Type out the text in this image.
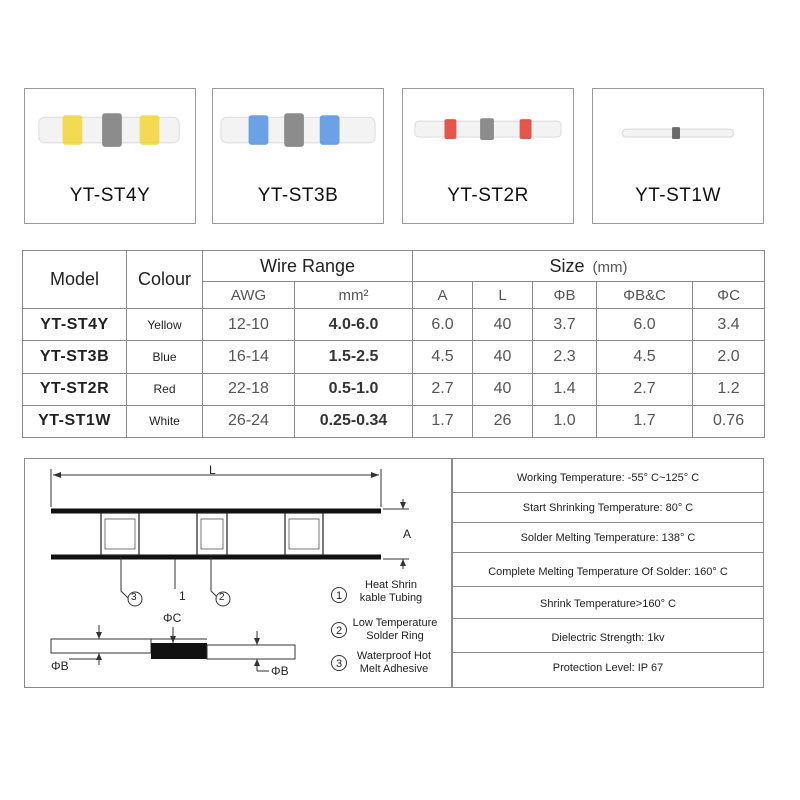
YT-ST4Y	YT-ST3B	YT-ST2R	YT-ST1W
Model	Colour	Wire Range		Size (mm)				
		AWG	mm²	A	L	ΦB	ΦB&C	ΦC
YT-ST4Y	Yellow	12-10	4.0-6.0	6.0	40	3.7	6.0	3.4
YT-ST3B	Blue	16-14	1.5-2.5	4.5	40	2.3	4.5	2.0
YT-ST2R	Red	22-18	0.5-1.0	2.7	40	1.4	2.7	1.2
YT-ST1W	White	26-24	0.25-0.34	1.7	26	1.0	1.7	0.76
L
A
3	1	2
ΦC
ΦB	ΦB
1
Heat Shrin
kable Tubing
2
Low Temperature
Solder Ring
3
Waterproof Hot
Melt Adhesive
Working Temperature: -55° C~125° C
Start Shrinking Temperature: 80° C
Solder Melting Temperature: 138° C
Complete Melting Temperature Of Solder: 160° C
Shrink Temperature>160° C
Dielectric Strength: 1kv
Protection Level: IP 67
